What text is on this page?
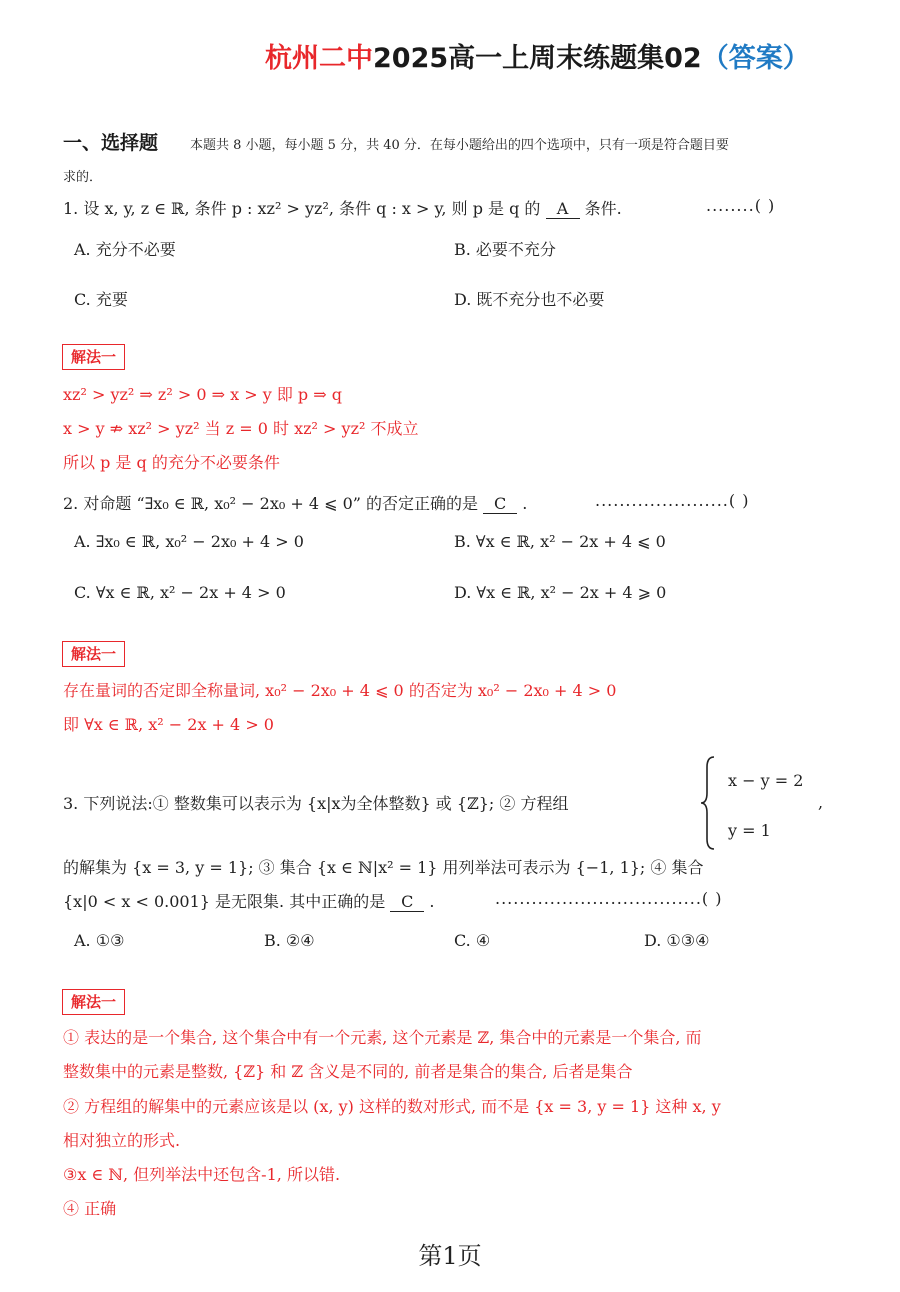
杭州二中2025高一上周末练题集02（答案）
一、选择题 本题共 8 小题，每小题 5 分，共 40 分．在每小题给出的四个选项中，只有一项是符合题目要
求的．
1. 设 x, y, z ∈ ℝ, 条件 p : xz² > yz², 条件 q : x > y, 则 p 是 q 的 A 条件.	........( )
A. 充分不必要	B. 必要不充分
C. 充要	D. 既不充分也不必要
解法一
xz² > yz² ⇒ z² > 0 ⇒ x > y 即 p ⇒ q
x > y ⇏ xz² > yz² 当 z = 0 时 xz² > yz² 不成立
所以 p 是 q 的充分不必要条件
2. 对命题 “∃x₀ ∈ ℝ, x₀² − 2x₀ + 4 ⩽ 0” 的否定正确的是 C .	......................( )
A. ∃x₀ ∈ ℝ, x₀² − 2x₀ + 4 > 0	B. ∀x ∈ ℝ, x² − 2x + 4 ⩽ 0
C. ∀x ∈ ℝ, x² − 2x + 4 > 0	D. ∀x ∈ ℝ, x² − 2x + 4 ⩾ 0
解法一
存在量词的否定即全称量词, x₀² − 2x₀ + 4 ⩽ 0 的否定为 x₀² − 2x₀ + 4 > 0
即 ∀x ∈ ℝ, x² − 2x + 4 > 0
3. 下列说法:① 整数集可以表示为 {x|x为全体整数} 或 {ℤ}; ② 方程组
x − y = 2
y = 1
,
的解集为 {x = 3, y = 1}; ③ 集合 {x ∈ ℕ|x² = 1} 用列举法可表示为 {−1, 1}; ④ 集合
{x|0 < x < 0.001} 是无限集. 其中正确的是 C .	..................................( )
A. ①③	B. ②④	C. ④	D. ①③④
解法一
① 表达的是一个集合, 这个集合中有一个元素, 这个元素是 ℤ, 集合中的元素是一个集合, 而
整数集中的元素是整数, {ℤ} 和 ℤ 含义是不同的, 前者是集合的集合, 后者是集合
② 方程组的解集中的元素应该是以 (x, y) 这样的数对形式, 而不是 {x = 3, y = 1} 这种 x, y
相对独立的形式.
③x ∈ ℕ, 但列举法中还包含-1, 所以错.
④ 正确
第1页
